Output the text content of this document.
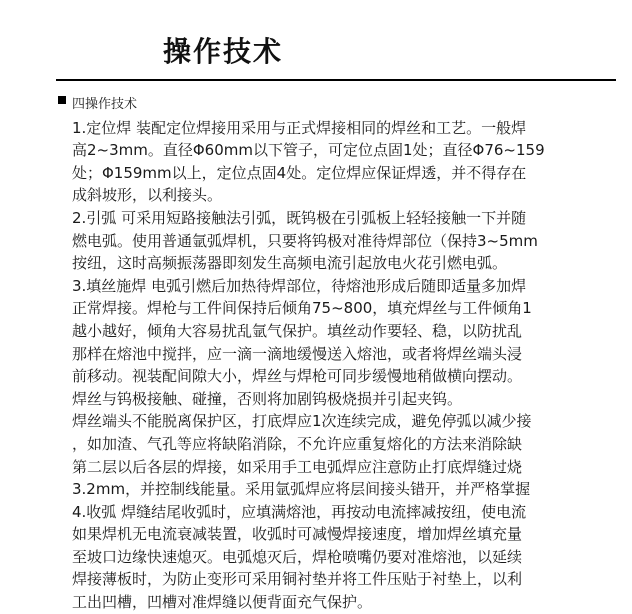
操作技术
四操作技术
1.定位焊 装配定位焊接用采用与正式焊接相同的焊丝和工艺。一般焊
高2~3mm。直径Φ60mm以下管子，可定位点固1处；直径Φ76~159
处；Φ159mm以上，定位点固4处。定位焊应保证焊透，并不得存在
成斜坡形，以利接头。
2.引弧 可采用短路接触法引弧，既钨极在引弧板上轻轻接触一下并随
燃电弧。使用普通氩弧焊机，只要将钨极对准待焊部位（保持3~5mm
按纽，这时高频振荡器即刻发生高频电流引起放电火花引燃电弧。
3.填丝施焊 电弧引燃后加热待焊部位，待熔池形成后随即适量多加焊
正常焊接。焊枪与工件间保持后倾角75~800，填充焊丝与工件倾角1
越小越好，倾角大容易扰乱氩气保护。填丝动作要轻、稳，以防扰乱
那样在熔池中搅拌，应一滴一滴地缓慢送入熔池，或者将焊丝端头浸
前移动。视装配间隙大小，焊丝与焊枪可同步缓慢地稍做横向摆动。
焊丝与钨极接触、碰撞，否则将加剧钨极烧损并引起夹钨。
焊丝端头不能脱离保护区，打底焊应1次连续完成，避免停弧以减少接
，如加渣、气孔等应将缺陷消除，不允许应重复熔化的方法来消除缺
第二层以后各层的焊接，如采用手工电弧焊应注意防止打底焊缝过烧
3.2mm，并控制线能量。采用氩弧焊应将层间接头错开，并严格掌握
4.收弧 焊缝结尾收弧时，应填满熔池，再按动电流摔减按纽，使电流
如果焊机无电流衰减装置，收弧时可减慢焊接速度，增加焊丝填充量
至坡口边缘快速熄灭。电弧熄灭后，焊枪喷嘴仍要对准熔池，以延续
焊接薄板时，为防止变形可采用铜衬垫并将工件压贴于衬垫上，以利
工出凹槽，凹槽对准焊缝以便背面充气保护。
